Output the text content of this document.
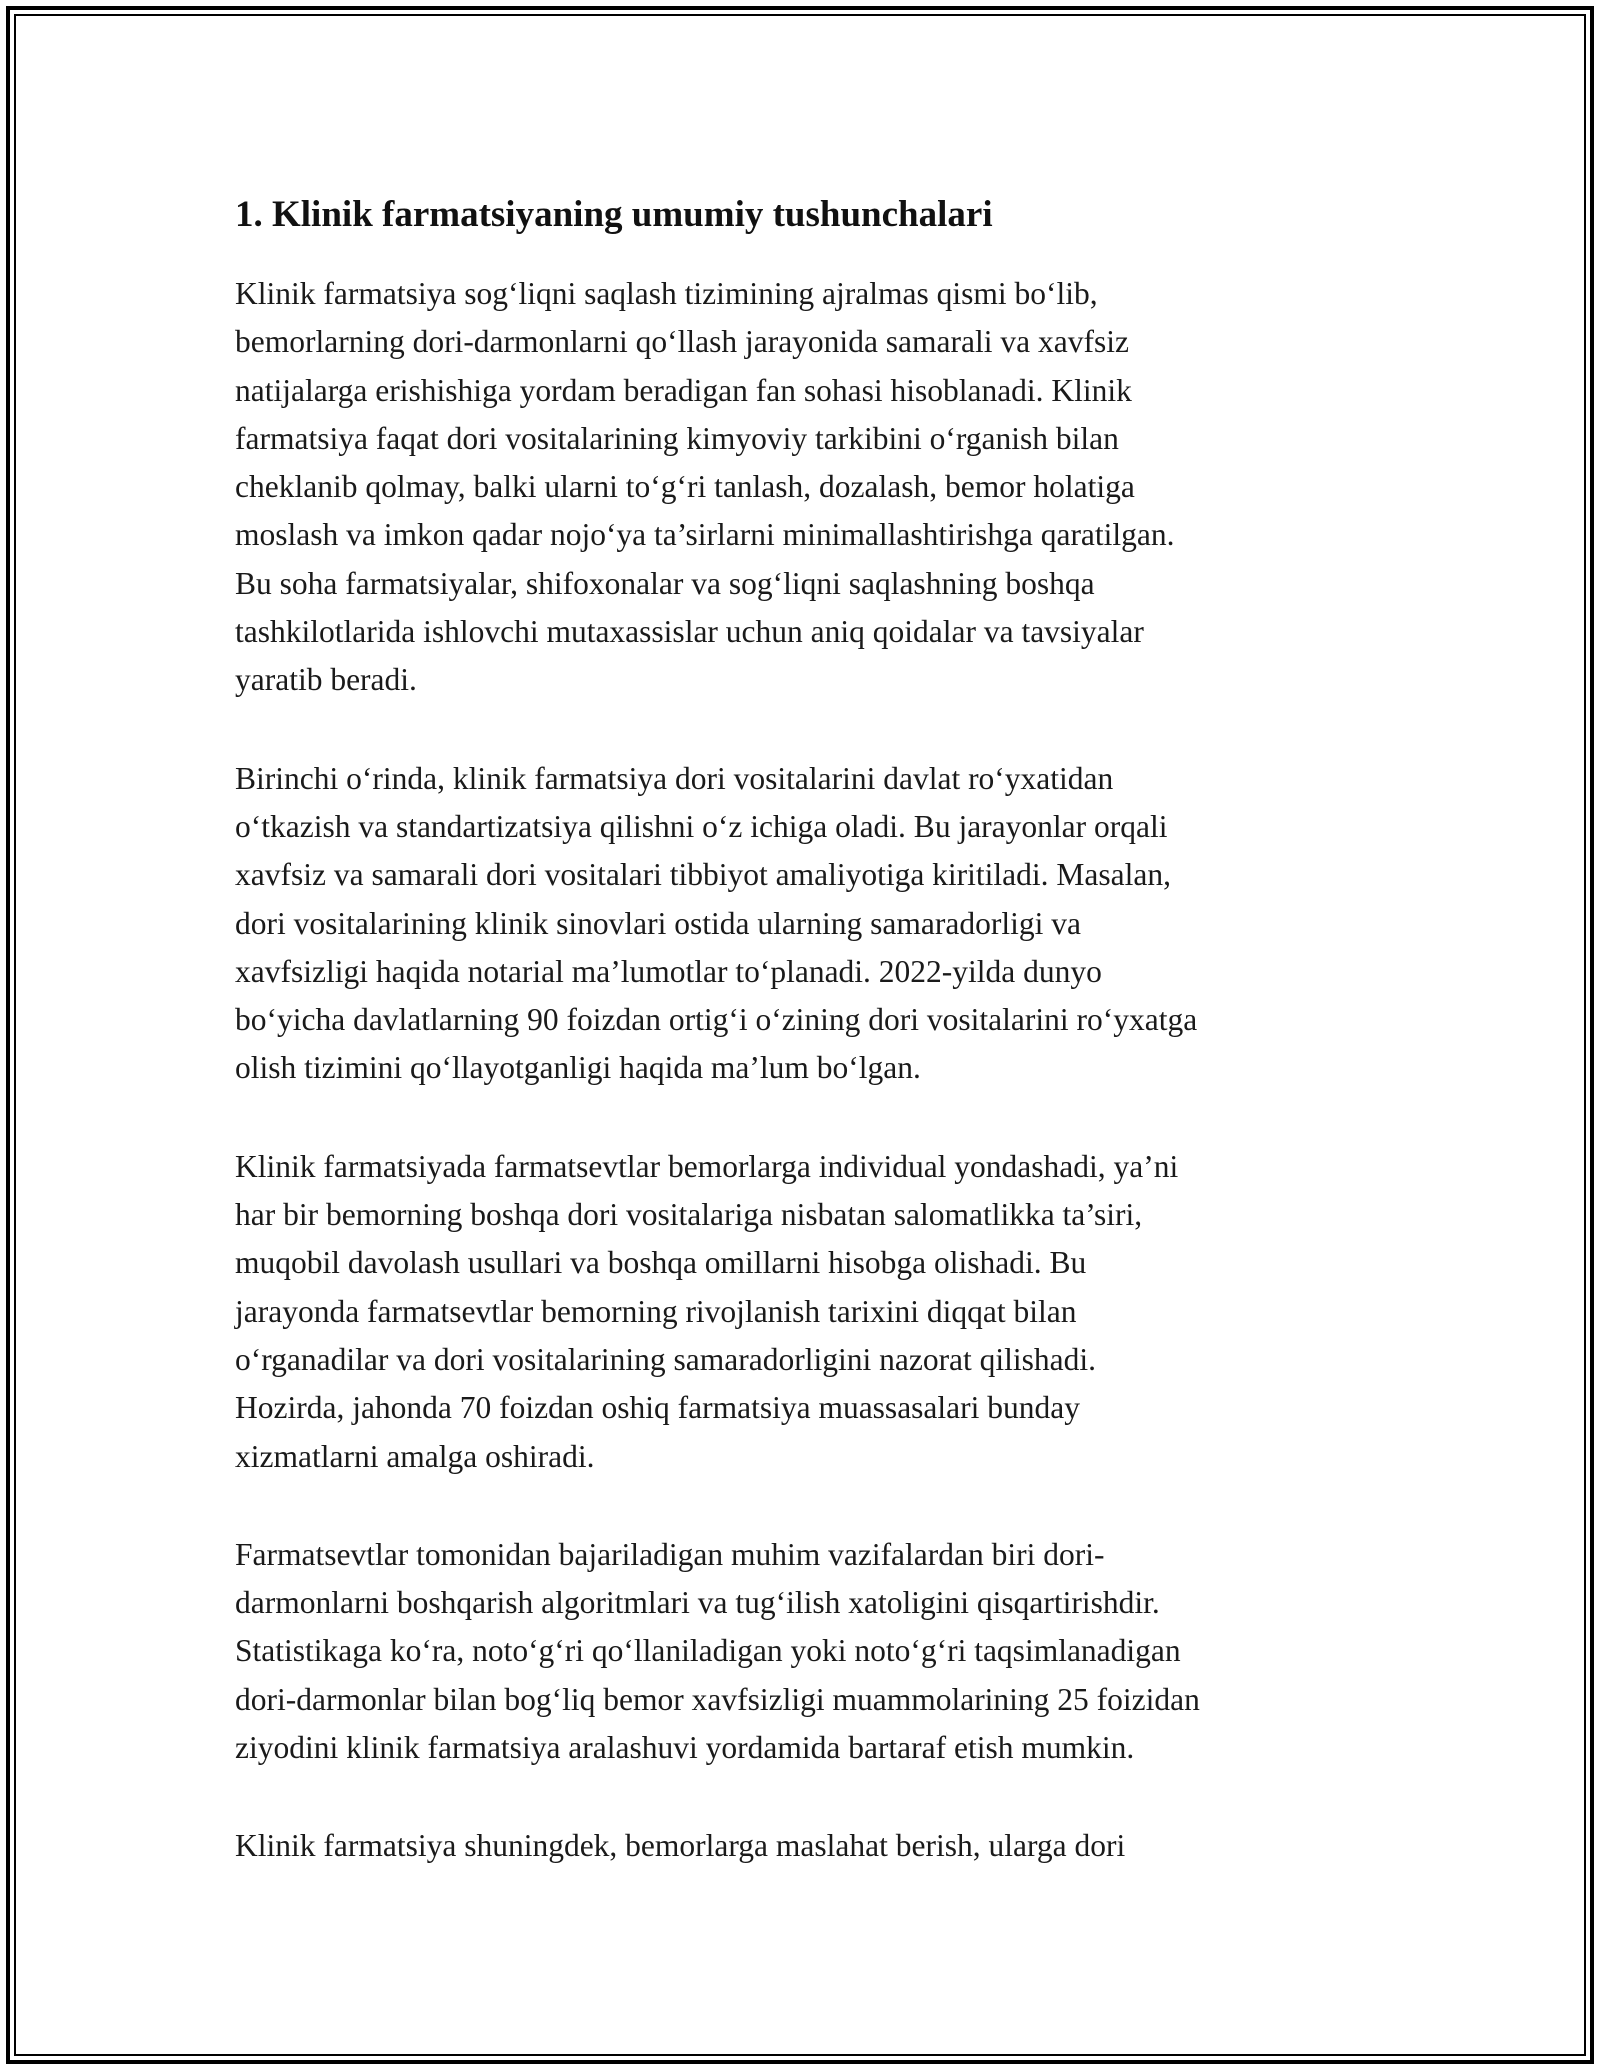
1. Klinik farmatsiyaning umumiy tushunchalari

Klinik farmatsiya sog‘liqni saqlash tizimining ajralmas qismi bo‘lib,
bemorlarning dori-darmonlarni qo‘llash jarayonida samarali va xavfsiz
natijalarga erishishiga yordam beradigan fan sohasi hisoblanadi. Klinik
farmatsiya faqat dori vositalarining kimyoviy tarkibini o‘rganish bilan
cheklanib qolmay, balki ularni to‘g‘ri tanlash, dozalash, bemor holatiga
moslash va imkon qadar nojo‘ya ta’sirlarni minimallashtirishga qaratilgan.
Bu soha farmatsiyalar, shifoxonalar va sog‘liqni saqlashning boshqa
tashkilotlarida ishlovchi mutaxassislar uchun aniq qoidalar va tavsiyalar
yaratib beradi.

Birinchi o‘rinda, klinik farmatsiya dori vositalarini davlat ro‘yxatidan
o‘tkazish va standartizatsiya qilishni o‘z ichiga oladi. Bu jarayonlar orqali
xavfsiz va samarali dori vositalari tibbiyot amaliyotiga kiritiladi. Masalan,
dori vositalarining klinik sinovlari ostida ularning samaradorligi va
xavfsizligi haqida notarial ma’lumotlar to‘planadi. 2022-yilda dunyo
bo‘yicha davlatlarning 90 foizdan ortig‘i o‘zining dori vositalarini ro‘yxatga
olish tizimini qo‘llayotganligi haqida ma’lum bo‘lgan.

Klinik farmatsiyada farmatsevtlar bemorlarga individual yondashadi, ya’ni
har bir bemorning boshqa dori vositalariga nisbatan salomatlikka ta’siri,
muqobil davolash usullari va boshqa omillarni hisobga olishadi. Bu
jarayonda farmatsevtlar bemorning rivojlanish tarixini diqqat bilan
o‘rganadilar va dori vositalarining samaradorligini nazorat qilishadi.
Hozirda, jahonda 70 foizdan oshiq farmatsiya muassasalari bunday
xizmatlarni amalga oshiradi.

Farmatsevtlar tomonidan bajariladigan muhim vazifalardan biri dori-
darmonlarni boshqarish algoritmlari va tug‘ilish xatoligini qisqartirishdir.
Statistikaga ko‘ra, noto‘g‘ri qo‘llaniladigan yoki noto‘g‘ri taqsimlanadigan
dori-darmonlar bilan bog‘liq bemor xavfsizligi muammolarining 25 foizidan
ziyodini klinik farmatsiya aralashuvi yordamida bartaraf etish mumkin.

Klinik farmatsiya shuningdek, bemorlarga maslahat berish, ularga dori
